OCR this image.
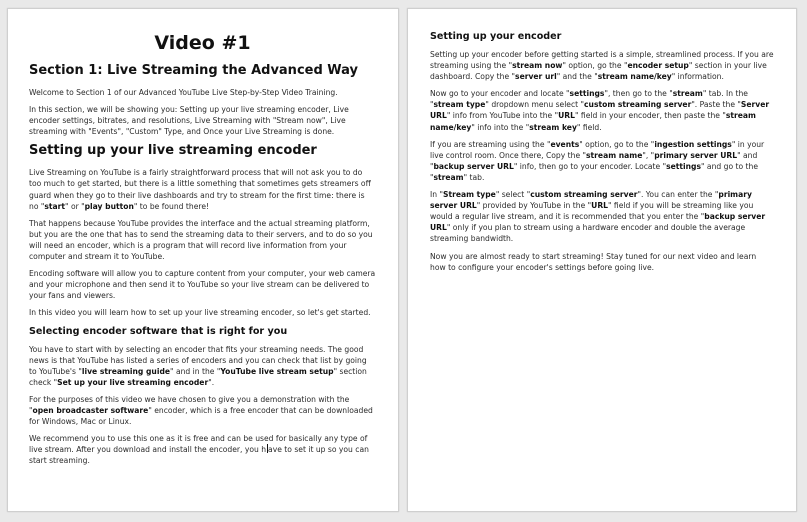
Video #1
Section 1: Live Streaming the Advanced Way

Welcome to Section 1 of our Advanced YouTube Live Step-by-Step Video Training.

In this section, we will be showing you: Setting up your live streaming encoder, Live encoder settings, bitrates, and resolutions, Live Streaming with "Stream now", Live streaming with "Events", "Custom" Type, and Once your Live Streaming is done.

Setting up your live streaming encoder

Live Streaming on YouTube is a fairly straightforward process that will not ask you to do too much to get started, but there is a little something that sometimes gets streamers off guard when they go to their live dashboards and try to stream for the first time: there is no "start" or "play button" to be found there!

That happens because YouTube provides the interface and the actual streaming platform, but you are the one that has to send the streaming data to their servers, and to do so you will need an encoder, which is a program that will record live information from your computer and stream it to YouTube.

Encoding software will allow you to capture content from your computer, your web camera and your microphone and then send it to YouTube so your live stream can be delivered to your fans and viewers.

In this video you will learn how to set up your live streaming encoder, so let's get started.

Selecting encoder software that is right for you

You have to start with by selecting an encoder that fits your streaming needs. The good news is that YouTube has listed a series of encoders and you can check that list by going to YouTube's "live streaming guide" and in the "YouTube live stream setup" section check "Set up your live streaming encoder".

For the purposes of this video we have chosen to give you a demonstration with the "open broadcaster software" encoder, which is a free encoder that can be downloaded for Windows, Mac or Linux.

We recommend you to use this one as it is free and can be used for basically any type of live stream. After you download and install the encoder, you h ave to set it up so you can start streaming.

Setting up your encoder

Setting up your encoder before getting started is a simple, streamlined process. If you are streaming using the "stream now" option, go the "encoder setup" section in your live dashboard. Copy the "server url" and the "stream name/key" information.

Now go to your encoder and locate "settings", then go to the "stream" tab. In the "stream type" dropdown menu select "custom streaming server". Paste the "Server URL" info from YouTube into the "URL" field in your encoder, then paste the "stream name/key" info into the "stream key" field.

If you are streaming using the "events" option, go to the "ingestion settings" in your live control room. Once there, Copy the "stream name", "primary server URL" and "backup server URL" info, then go to your encoder. Locate "settings" and go to the "stream" tab.

In "Stream type" select "custom streaming server". You can enter the "primary server URL" provided by YouTube in the "URL" field if you will be streaming like you would a regular live stream, and it is recommended that you enter the "backup server URL" only if you plan to stream using a hardware encoder and double the average streaming bandwidth.

Now you are almost ready to start streaming! Stay tuned for our next video and learn how to configure your encoder's settings before going live.
